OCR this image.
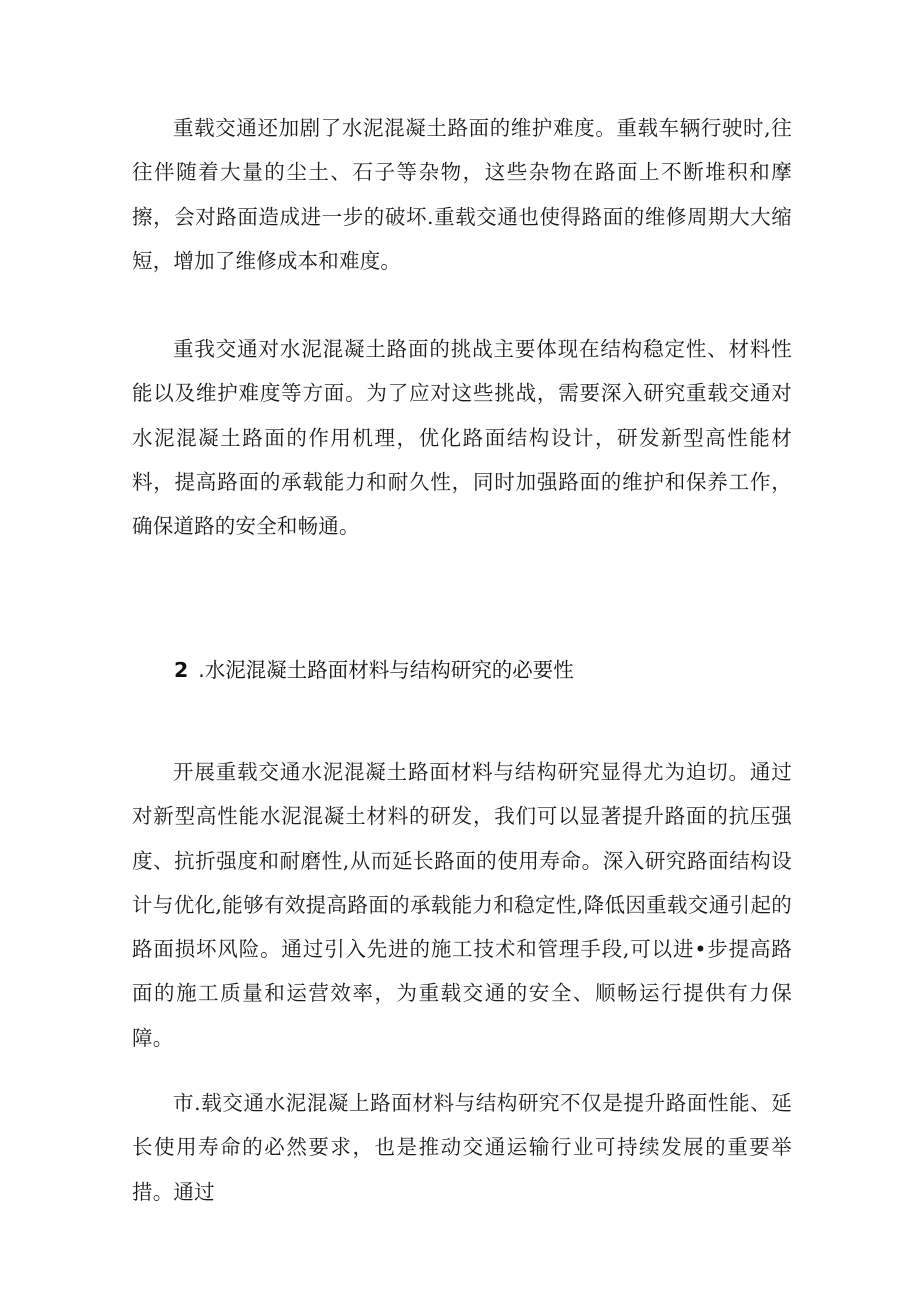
重载交通还加剧了水泥混凝土路面的维护难度。重载车辆行驶时,往往伴随着大量的尘土、石子等杂物，这些杂物在路面上不断堆积和摩擦，会对路面造成进一步的破坏.重载交通也使得路面的维修周期大大缩短，增加了维修成本和难度。

重我交通对水泥混凝土路面的挑战主要体现在结构稳定性、材料性能以及维护难度等方面。为了应对这些挑战，需要深入研究重载交通对水泥混凝土路面的作用机理，优化路面结构设计，研发新型高性能材料，提高路面的承载能力和耐久性，同时加强路面的维护和保养工作，确保道路的安全和畅通。

2 .水泥混凝土路面材料与结构研究的必要性

开展重载交通水泥混凝土路面材料与结构研究显得尤为迫切。通过对新型高性能水泥混凝土材料的研发，我们可以显著提升路面的抗压强度、抗折强度和耐磨性,从而延长路面的使用寿命。深入研究路面结构设计与优化,能够有效提高路面的承载能力和稳定性,降低因重载交通引起的路面损坏风险。通过引入先进的施工技术和管理手段,可以进•步提高路面的施工质量和运营效率，为重载交通的安全、顺畅运行提供有力保障。

市.载交通水泥混凝上路面材料与结构研究不仅是提升路面性能、延长使用寿命的必然要求，也是推动交通运输行业可持续发展的重要举措。通过
